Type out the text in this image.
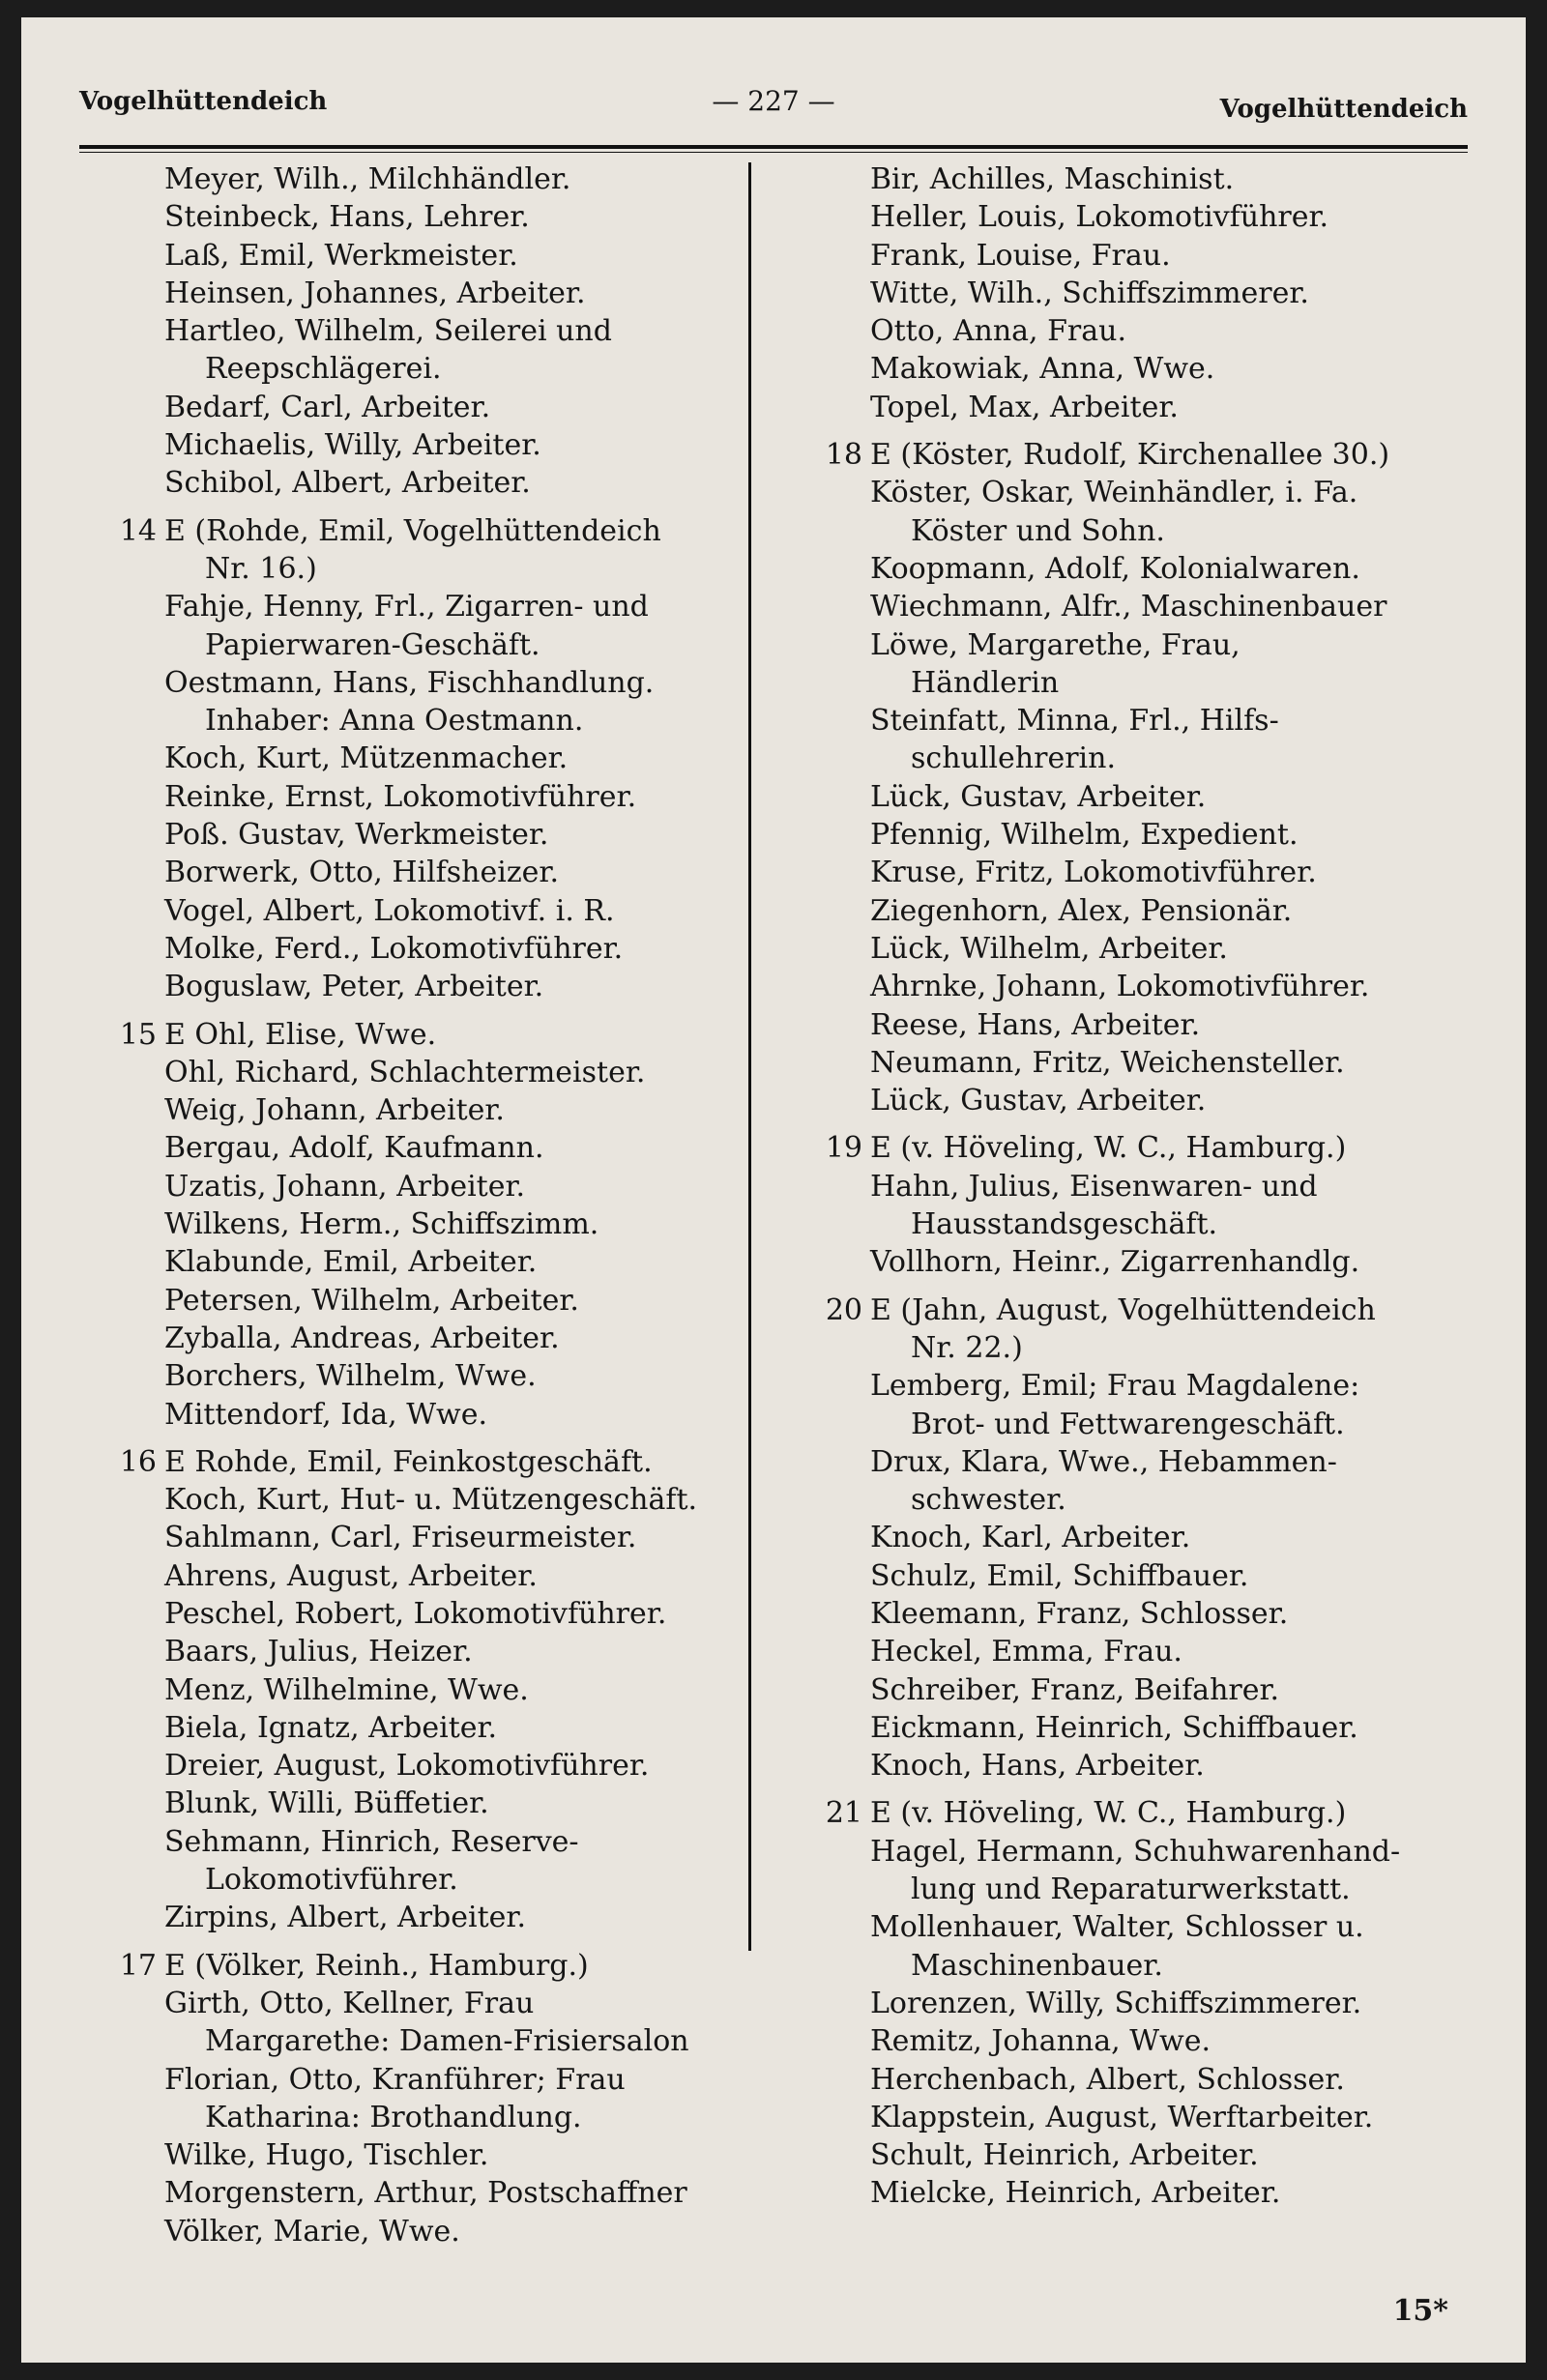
Vogelhüttendeich	— 227 —	Vogelhüttendeich
Meyer, Wilh., Milchhändler.
Steinbeck, Hans, Lehrer.
Laß, Emil, Werkmeister.
Heinsen, Johannes, Arbeiter.
Hartleo, Wilhelm, Seilerei und
Reepschlägerei.
Bedarf, Carl, Arbeiter.
Michaelis, Willy, Arbeiter.
Schibol, Albert, Arbeiter.
14 E (Rohde, Emil, Vogelhüttendeich
Nr. 16.)
Fahje, Henny, Frl., Zigarren- und
Papierwaren-Geschäft.
Oestmann, Hans, Fischhandlung.
Inhaber: Anna Oestmann.
Koch, Kurt, Mützenmacher.
Reinke, Ernst, Lokomotivführer.
Poß. Gustav, Werkmeister.
Borwerk, Otto, Hilfsheizer.
Vogel, Albert, Lokomotivf. i. R.
Molke, Ferd., Lokomotivführer.
Boguslaw, Peter, Arbeiter.
15 E Ohl, Elise, Wwe.
Ohl, Richard, Schlachtermeister.
Weig, Johann, Arbeiter.
Bergau, Adolf, Kaufmann.
Uzatis, Johann, Arbeiter.
Wilkens, Herm., Schiffszimm.
Klabunde, Emil, Arbeiter.
Petersen, Wilhelm, Arbeiter.
Zyballa, Andreas, Arbeiter.
Borchers, Wilhelm, Wwe.
Mittendorf, Ida, Wwe.
16 E Rohde, Emil, Feinkostgeschäft.
Koch, Kurt, Hut- u. Mützengeschäft.
Sahlmann, Carl, Friseurmeister.
Ahrens, August, Arbeiter.
Peschel, Robert, Lokomotivführer.
Baars, Julius, Heizer.
Menz, Wilhelmine, Wwe.
Biela, Ignatz, Arbeiter.
Dreier, August, Lokomotivführer.
Blunk, Willi, Büffetier.
Sehmann, Hinrich, Reserve-
Lokomotivführer.
Zirpins, Albert, Arbeiter.
17 E (Völker, Reinh., Hamburg.)
Girth, Otto, Kellner, Frau
Margarethe: Damen-Frisiersalon
Florian, Otto, Kranführer; Frau
Katharina: Brothandlung.
Wilke, Hugo, Tischler.
Morgenstern, Arthur, Postschaffner
Völker, Marie, Wwe.
Bir, Achilles, Maschinist.
Heller, Louis, Lokomotivführer.
Frank, Louise, Frau.
Witte, Wilh., Schiffszimmerer.
Otto, Anna, Frau.
Makowiak, Anna, Wwe.
Topel, Max, Arbeiter.
18 E (Köster, Rudolf, Kirchenallee 30.)
Köster, Oskar, Weinhändler, i. Fa.
Köster und Sohn.
Koopmann, Adolf, Kolonialwaren.
Wiechmann, Alfr., Maschinenbauer
Löwe, Margarethe, Frau,
Händlerin
Steinfatt, Minna, Frl., Hilfs-
schullehrerin.
Lück, Gustav, Arbeiter.
Pfennig, Wilhelm, Expedient.
Kruse, Fritz, Lokomotivführer.
Ziegenhorn, Alex, Pensionär.
Lück, Wilhelm, Arbeiter.
Ahrnke, Johann, Lokomotivführer.
Reese, Hans, Arbeiter.
Neumann, Fritz, Weichensteller.
Lück, Gustav, Arbeiter.
19 E (v. Höveling, W. C., Hamburg.)
Hahn, Julius, Eisenwaren- und
Hausstandsgeschäft.
Vollhorn, Heinr., Zigarrenhandlg.
20 E (Jahn, August, Vogelhüttendeich
Nr. 22.)
Lemberg, Emil; Frau Magdalene:
Brot- und Fettwarengeschäft.
Drux, Klara, Wwe., Hebammen-
schwester.
Knoch, Karl, Arbeiter.
Schulz, Emil, Schiffbauer.
Kleemann, Franz, Schlosser.
Heckel, Emma, Frau.
Schreiber, Franz, Beifahrer.
Eickmann, Heinrich, Schiffbauer.
Knoch, Hans, Arbeiter.
21 E (v. Höveling, W. C., Hamburg.)
Hagel, Hermann, Schuhwarenhand-
lung und Reparaturwerkstatt.
Mollenhauer, Walter, Schlosser u.
Maschinenbauer.
Lorenzen, Willy, Schiffszimmerer.
Remitz, Johanna, Wwe.
Herchenbach, Albert, Schlosser.
Klappstein, August, Werftarbeiter.
Schult, Heinrich, Arbeiter.
Mielcke, Heinrich, Arbeiter.
15*
